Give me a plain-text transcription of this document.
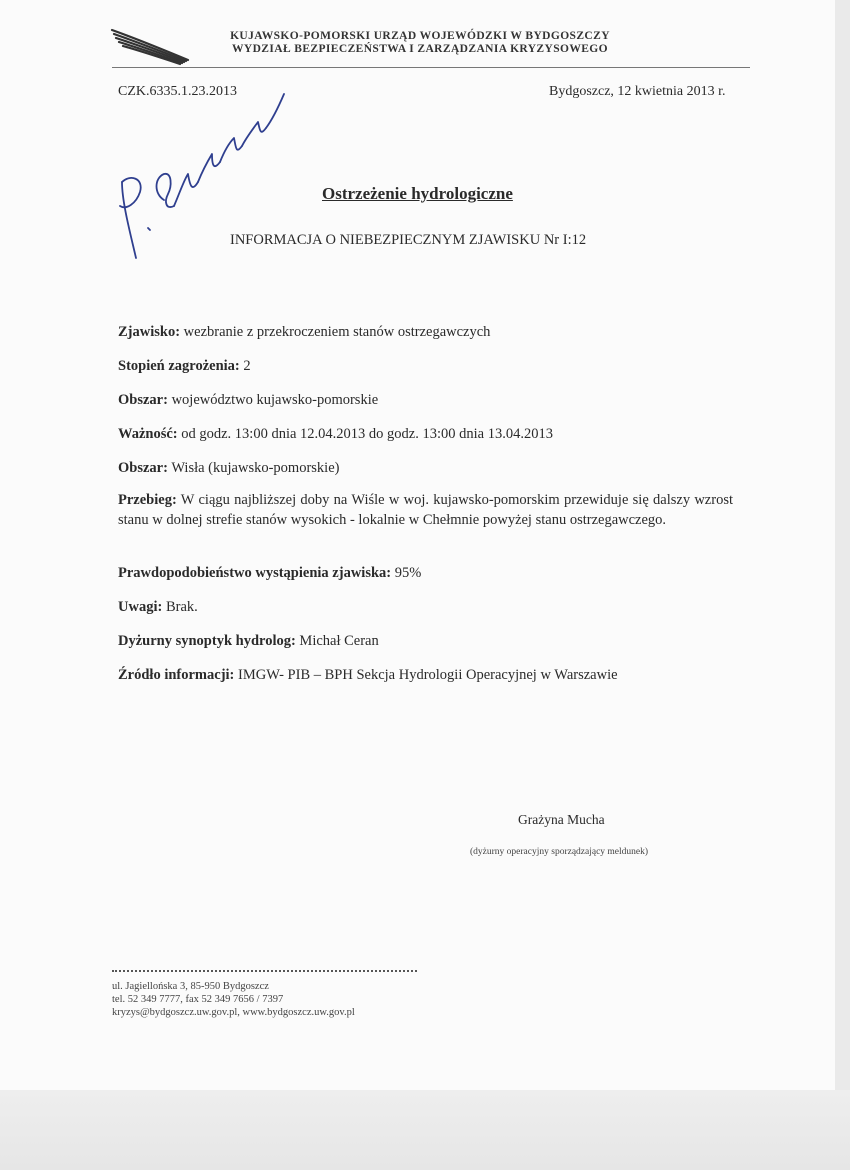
KUJAWSKO-POMORSKI URZĄD WOJEWÓDZKI W BYDGOSZCZY
WYDZIAŁ BEZPIECZEŃSTWA I ZARZĄDZANIA KRYZYSOWEGO
CZK.6335.1.23.2013	Bydgoszcz, 12 kwietnia 2013 r.
Ostrzeżenie hydrologiczne
INFORMACJA O NIEBEZPIECZNYM ZJAWISKU Nr I:12
Zjawisko: wezbranie z przekroczeniem stanów ostrzegawczych
Stopień zagrożenia: 2
Obszar: województwo kujawsko-pomorskie
Ważność: od godz. 13:00 dnia 12.04.2013 do godz. 13:00 dnia 13.04.2013
Obszar: Wisła (kujawsko-pomorskie)
Przebieg: W ciągu najbliższej doby na Wiśle w woj. kujawsko-pomorskim przewiduje się dalszy wzrost stanu w dolnej strefie stanów wysokich - lokalnie w Chełmnie powyżej stanu ostrzegawczego.
Prawdopodobieństwo wystąpienia zjawiska: 95%
Uwagi: Brak.
Dyżurny synoptyk hydrolog: Michał Ceran
Źródło informacji: IMGW- PIB – BPH Sekcja Hydrologii Operacyjnej w Warszawie
Grażyna Mucha
(dyżurny operacyjny sporządzający meldunek)
ul. Jagiellońska 3, 85-950 Bydgoszcz
tel. 52 349 7777, fax 52 349 7656 / 7397
kryzys@bydgoszcz.uw.gov.pl, www.bydgoszcz.uw.gov.pl
